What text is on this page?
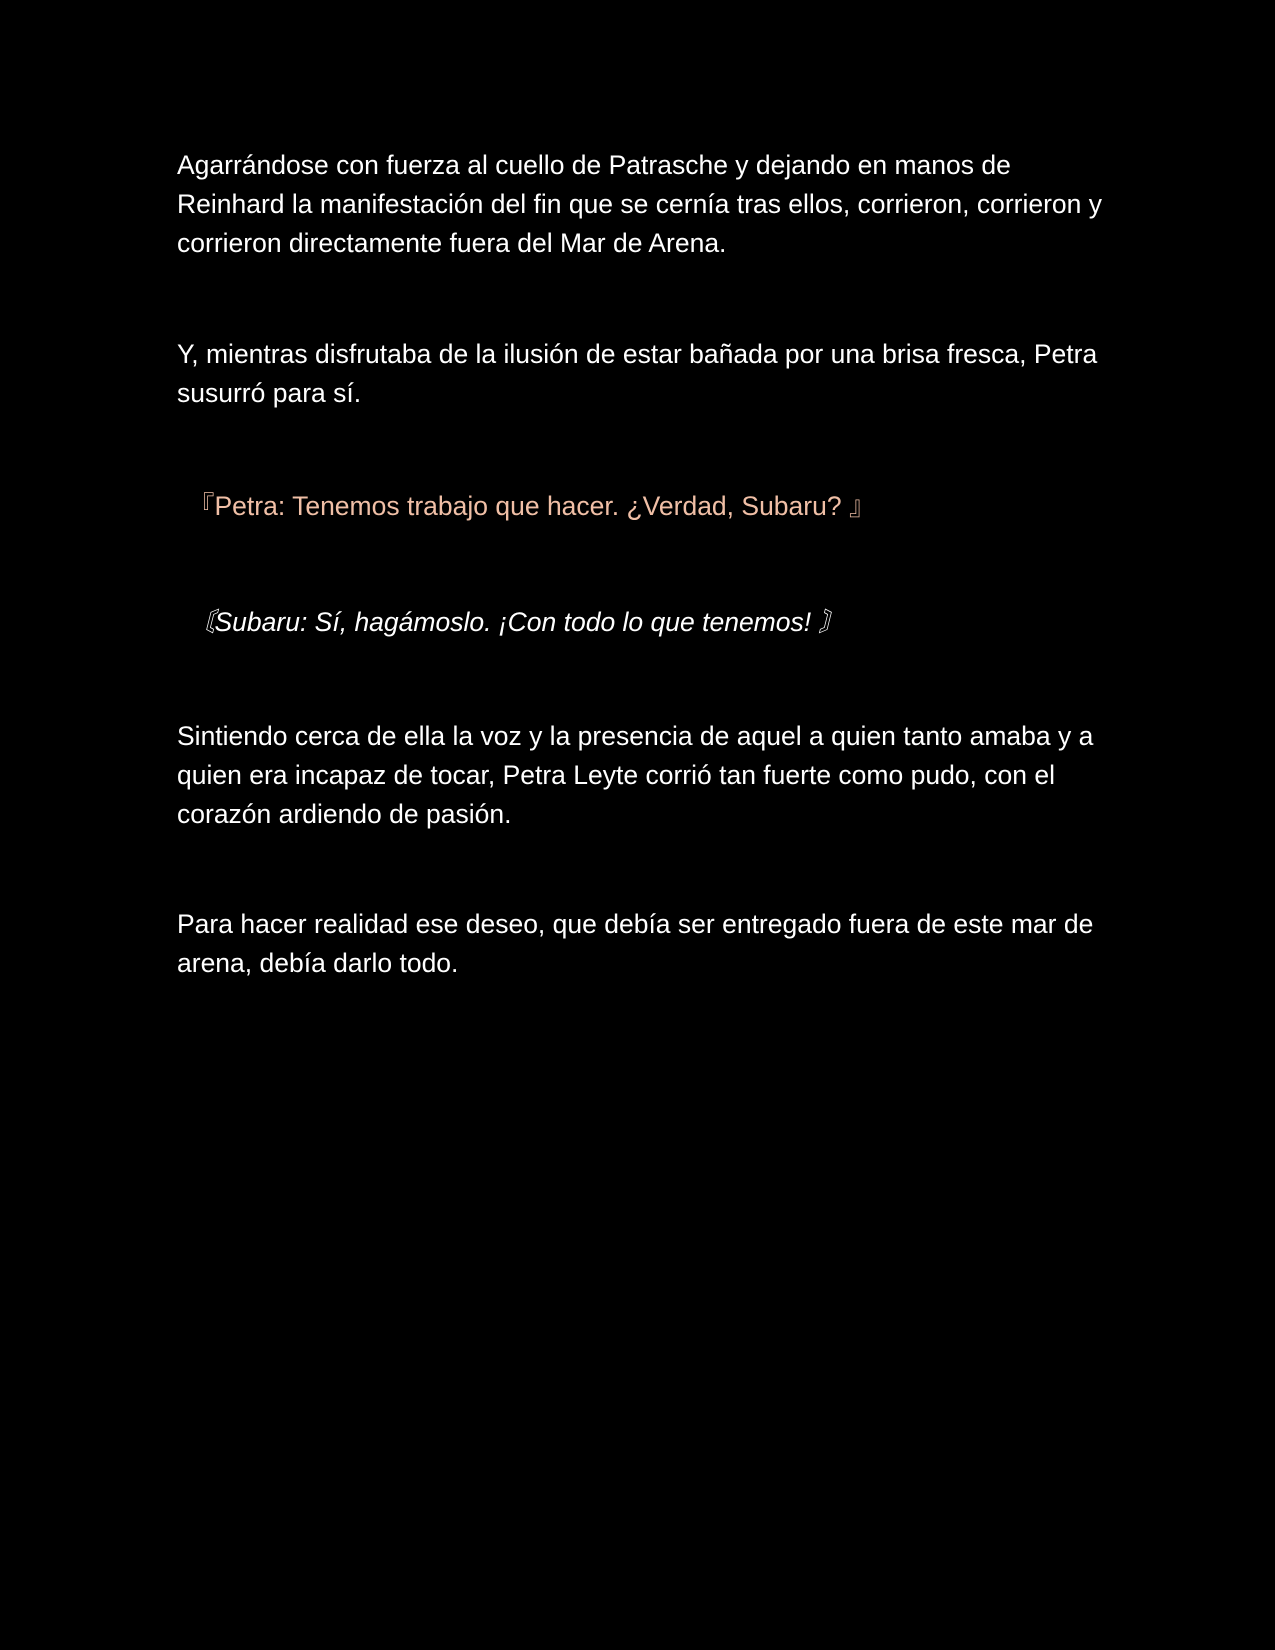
Agarrándose con fuerza al cuello de Patrasche y dejando en manos de Reinhard la manifestación del fin que se cernía tras ellos, corrieron, corrieron y corrieron directamente fuera del Mar de Arena.

Y, mientras disfrutaba de la ilusión de estar bañada por una brisa fresca, Petra susurró para sí.

『Petra: Tenemos trabajo que hacer. ¿Verdad, Subaru? 』

〘Subaru: Sí, hagámoslo. ¡Con todo lo que tenemos! 〙

Sintiendo cerca de ella la voz y la presencia de aquel a quien tanto amaba y a quien era incapaz de tocar, Petra Leyte corrió tan fuerte como pudo, con el corazón ardiendo de pasión.

Para hacer realidad ese deseo, que debía ser entregado fuera de este mar de arena, debía darlo todo.
